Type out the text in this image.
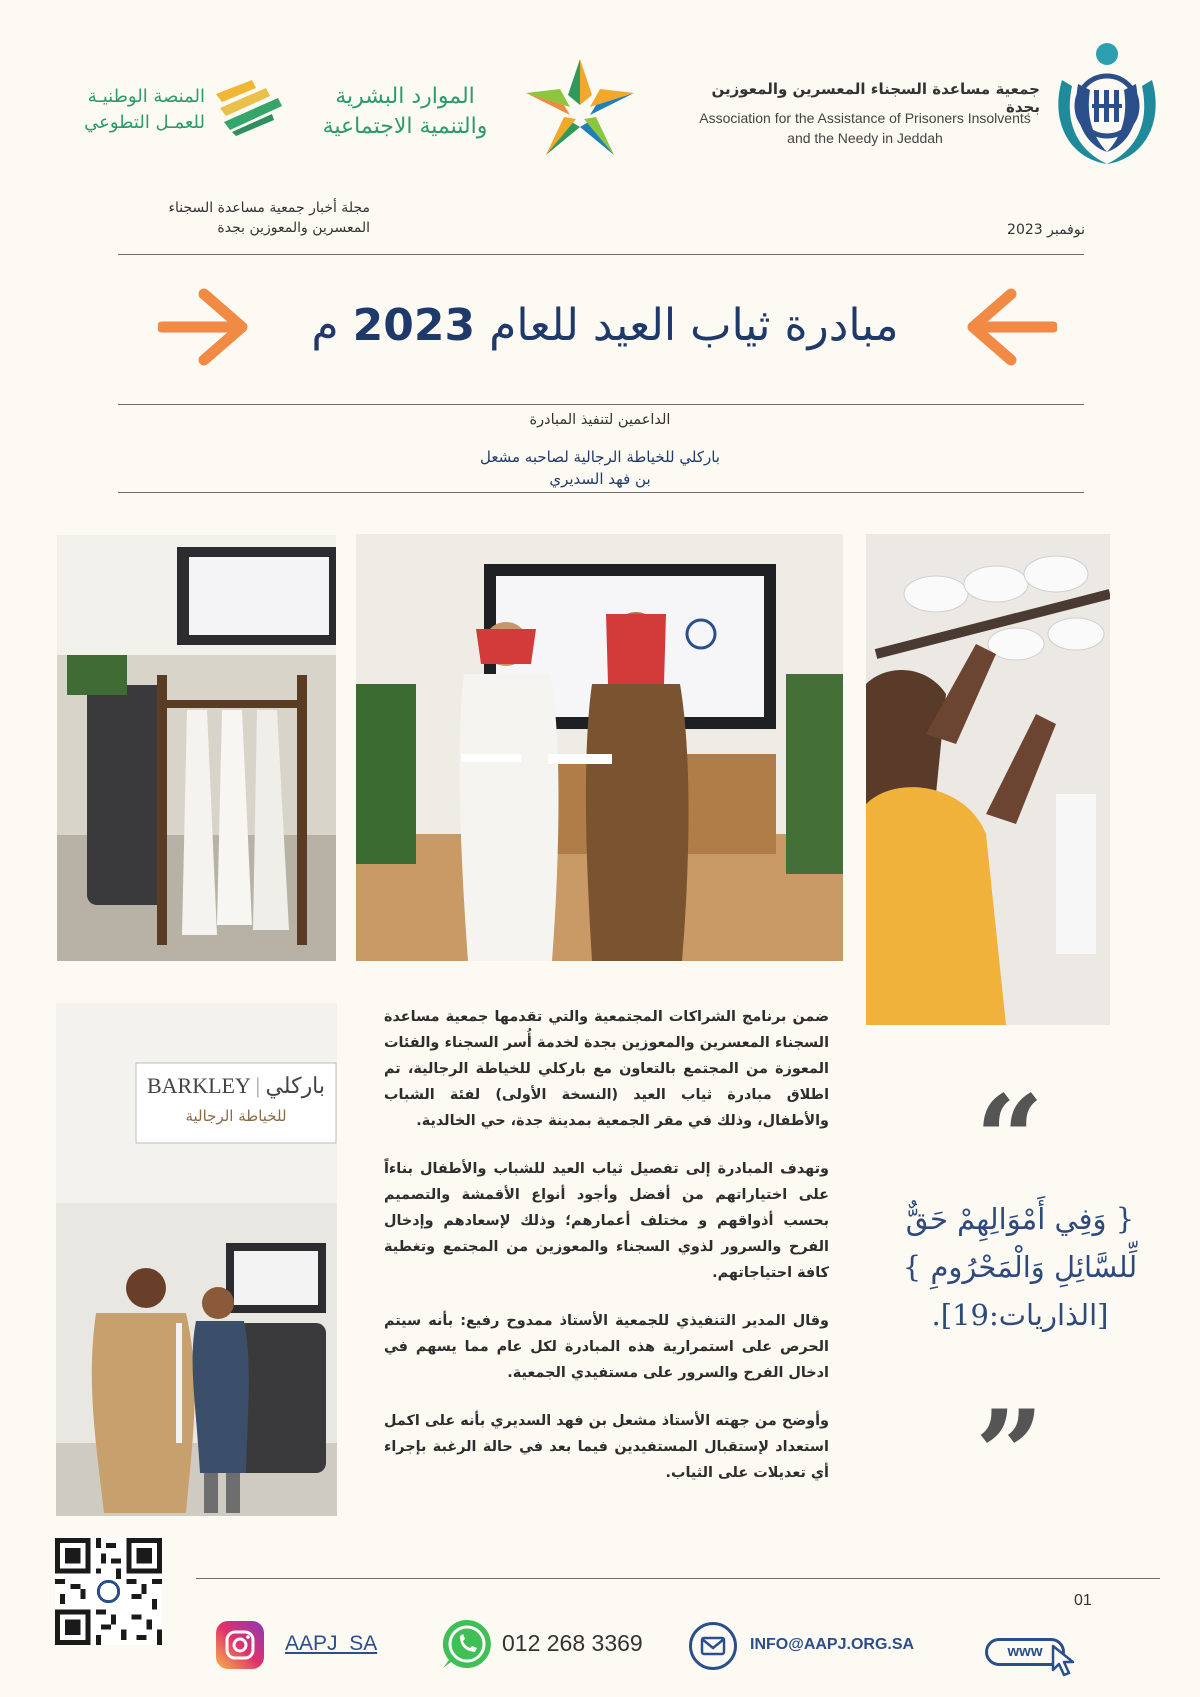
جمعية مساعدة السجناء المعسرين والمعوزين بجدة
Association for the Assistance of Prisoners Insolvents
and the Needy in Jeddah
الموارد البشرية
والتنمية الاجتماعية
المنصة الوطنيـة
للعمـل التطوعي
مجلة أخبار جمعية مساعدة السجناء
المعسرين والمعوزين بجدة	نوفمبر 2023
مبادرة ثياب العيد للعام 2023 م
الداعمين لتنفيذ المبادرة
باركلي للخياطة الرجالية لصاحبه مشعل
بن فهد السديري
BARKLEY | باركلي
للخياطة الرجالية

ضمن برنامج الشراكات المجتمعية والتي تقدمها جمعية مساعدة السجناء المعسرين والمعوزين بجدة لخدمة أُسر السجناء والفئات المعوزة من المجتمع بالتعاون مع باركلي للخياطة الرجالية، تم اطلاق مبادرة ثياب العيد (النسخة الأولى) لفئة الشباب والأطفال، وذلك في مقر الجمعية بمدينة جدة، حي الخالدية.

وتهدف المبادرة إلى تفصيل ثياب العيد للشباب والأطفال بناءاً على اختياراتهم من أفضل وأجود أنواع الأقمشة والتصميم بحسب أذواقهم و مختلف أعمارهم؛ وذلك لإسعادهم وإدخال الفرح والسرور لذوي السجناء والمعوزين من المجتمع وتغطية كافة احتياجاتهم.

وقال المدير التنفيذي للجمعية الأستاذ ممدوح رفيع: بأنه سيتم الحرص على استمرارية هذه المبادرة لكل عام مما يسهم في ادخال الفرح والسرور على مستفيدي الجمعية.

وأوضح من جهته الأستاذ مشعل بن فهد السديري بأنه على اكمل استعداد لإستقبال المستفيدين فيما بعد في حالة الرغبة بإجراء أي تعديلات على الثياب.

“
{ وَفِي أَمْوَالِهِمْ حَقٌّ
لِّلسَّائِلِ وَالْمَحْرُومِ }
[الذاريات:19].
”
01
AAPJ_SA	012 268 3369	INFO@AAPJ.ORG.SA	www
